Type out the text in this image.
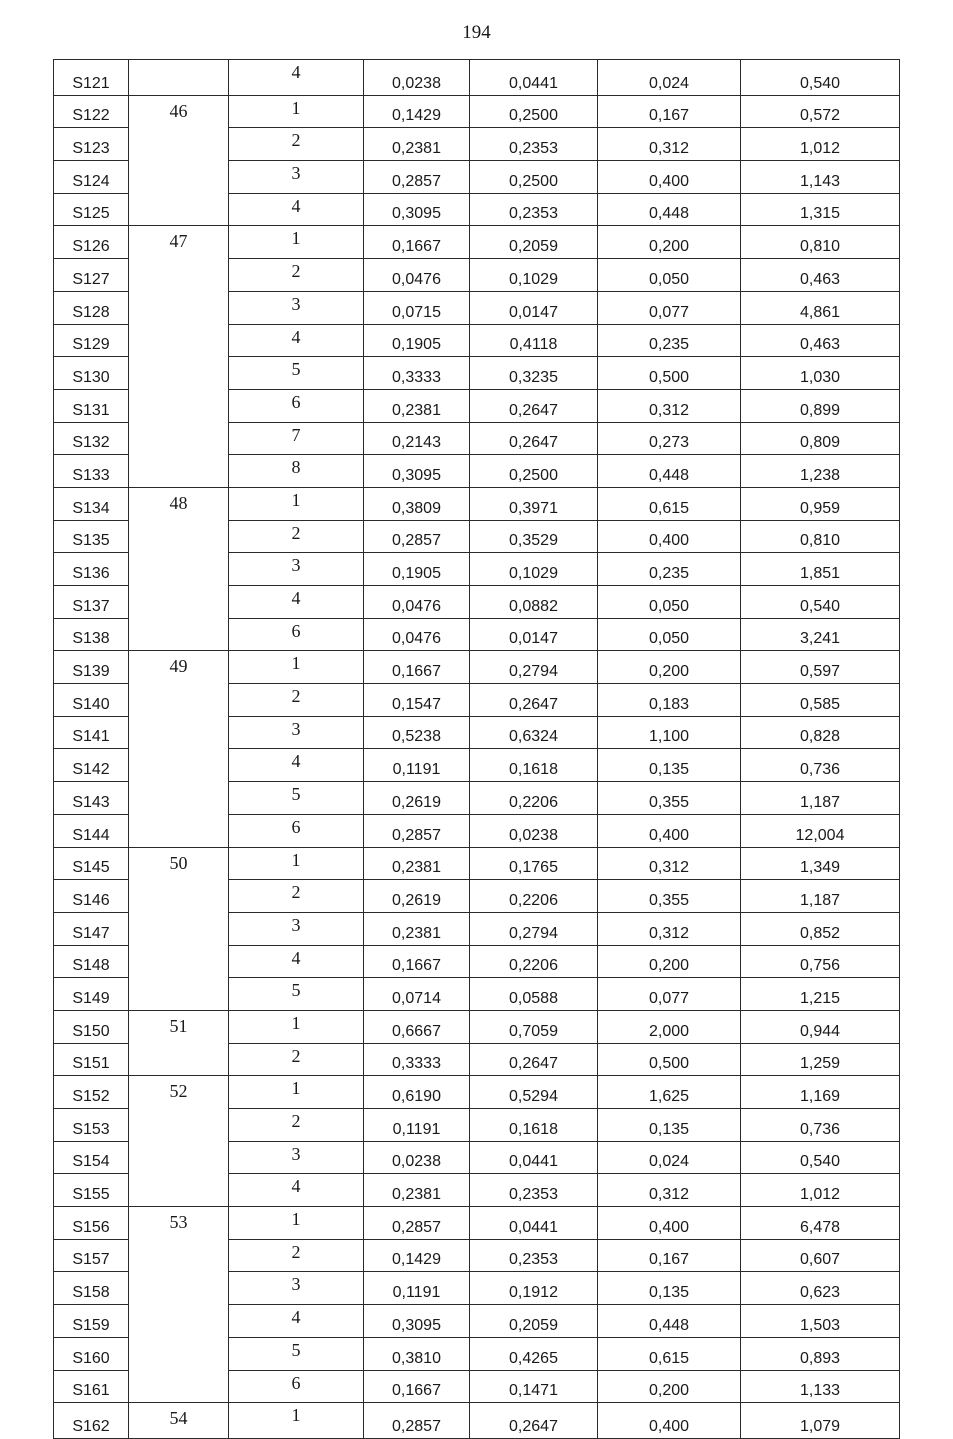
194
S121		4	0,0238	0,0441	0,024	0,540
S122	46	1	0,1429	0,2500	0,167	0,572
S123		2	0,2381	0,2353	0,312	1,012
S124		3	0,2857	0,2500	0,400	1,143
S125		4	0,3095	0,2353	0,448	1,315
S126	47	1	0,1667	0,2059	0,200	0,810
S127		2	0,0476	0,1029	0,050	0,463
S128		3	0,0715	0,0147	0,077	4,861
S129		4	0,1905	0,4118	0,235	0,463
S130		5	0,3333	0,3235	0,500	1,030
S131		6	0,2381	0,2647	0,312	0,899
S132		7	0,2143	0,2647	0,273	0,809
S133		8	0,3095	0,2500	0,448	1,238
S134	48	1	0,3809	0,3971	0,615	0,959
S135		2	0,2857	0,3529	0,400	0,810
S136		3	0,1905	0,1029	0,235	1,851
S137		4	0,0476	0,0882	0,050	0,540
S138		6	0,0476	0,0147	0,050	3,241
S139	49	1	0,1667	0,2794	0,200	0,597
S140		2	0,1547	0,2647	0,183	0,585
S141		3	0,5238	0,6324	1,100	0,828
S142		4	0,1191	0,1618	0,135	0,736
S143		5	0,2619	0,2206	0,355	1,187
S144		6	0,2857	0,0238	0,400	12,004
S145	50	1	0,2381	0,1765	0,312	1,349
S146		2	0,2619	0,2206	0,355	1,187
S147		3	0,2381	0,2794	0,312	0,852
S148		4	0,1667	0,2206	0,200	0,756
S149		5	0,0714	0,0588	0,077	1,215
S150	51	1	0,6667	0,7059	2,000	0,944
S151		2	0,3333	0,2647	0,500	1,259
S152	52	1	0,6190	0,5294	1,625	1,169
S153		2	0,1191	0,1618	0,135	0,736
S154		3	0,0238	0,0441	0,024	0,540
S155		4	0,2381	0,2353	0,312	1,012
S156	53	1	0,2857	0,0441	0,400	6,478
S157		2	0,1429	0,2353	0,167	0,607
S158		3	0,1191	0,1912	0,135	0,623
S159		4	0,3095	0,2059	0,448	1,503
S160		5	0,3810	0,4265	0,615	0,893
S161		6	0,1667	0,1471	0,200	1,133
S162	54	1	0,2857	0,2647	0,400	1,079
